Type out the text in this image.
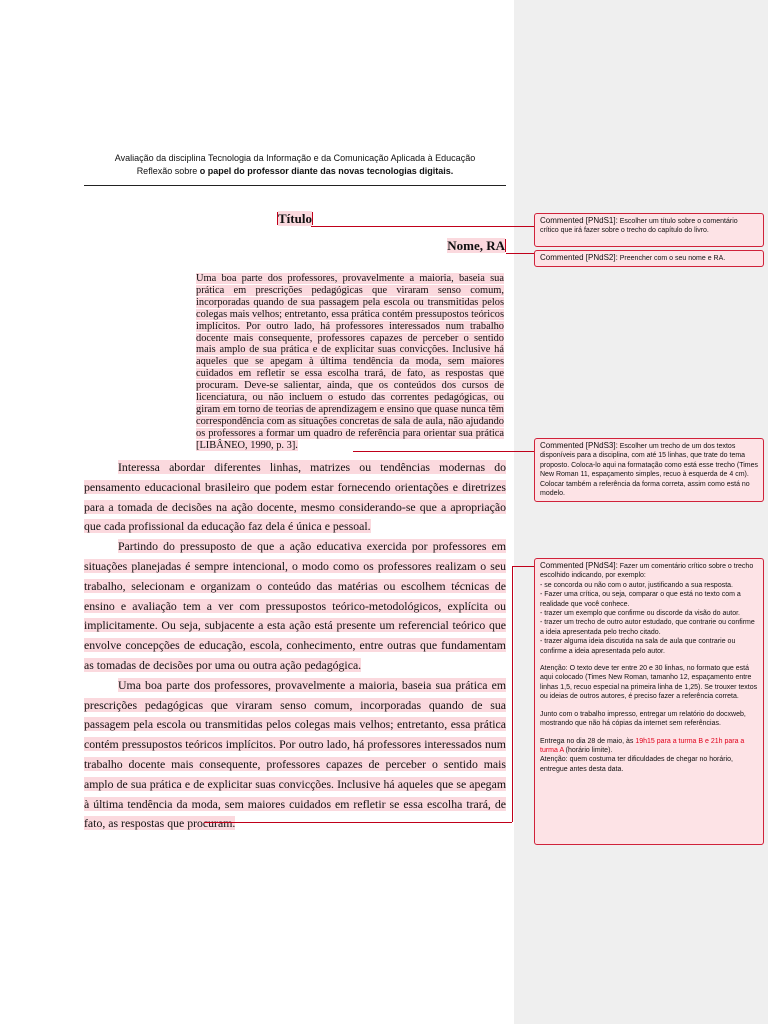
Avaliação da disciplina Tecnologia da Informação e da Comunicação Aplicada à Educação
Reflexão sobre o papel do professor diante das novas tecnologias digitais.
Título
Nome, RA
Uma boa parte dos professores, provavelmente a maioria, baseia sua prática em prescrições pedagógicas que viraram senso comum, incorporadas quando de sua passagem pela escola ou transmitidas pelos colegas mais velhos; entretanto, essa prática contém pressupostos teóricos implícitos. Por outro lado, há professores interessados num trabalho docente mais consequente, professores capazes de perceber o sentido mais amplo de sua prática e de explicitar suas convicções. Inclusive há aqueles que se apegam à última tendência da moda, sem maiores cuidados em refletir se essa escolha trará, de fato, as respostas que procuram. Deve-se salientar, ainda, que os conteúdos dos cursos de licenciatura, ou não incluem o estudo das correntes pedagógicas, ou giram em torno de teorias de aprendizagem e ensino que quase nunca têm correspondência com as situações concretas de sala de aula, não ajudando os professores a formar um quadro de referência para orientar sua prática [LIBÂNEO, 1990, p. 3].

Interessa abordar diferentes linhas, matrizes ou tendências modernas do pensamento educacional brasileiro que podem estar fornecendo orientações e diretrizes para a tomada de decisões na ação docente, mesmo considerando-se que a apropriação que cada profissional da educação faz dela é única e pessoal.

Partindo do pressuposto de que a ação educativa exercida por professores em situações planejadas é sempre intencional, o modo como os professores realizam o seu trabalho, selecionam e organizam o conteúdo das matérias ou escolhem técnicas de ensino e avaliação tem a ver com pressupostos teórico-metodológicos, explícita ou implicitamente. Ou seja, subjacente a esta ação está presente um referencial teórico que envolve concepções de educação, escola, conhecimento, entre outras que fundamentam as tomadas de decisões por uma ou outra ação pedagógica.

Uma boa parte dos professores, provavelmente a maioria, baseia sua prática em prescrições pedagógicas que viraram senso comum, incorporadas quando de sua passagem pela escola ou transmitidas pelos colegas mais velhos; entretanto, essa prática contém pressupostos teóricos implícitos. Por outro lado, há professores interessados num trabalho docente mais consequente, professores capazes de perceber o sentido mais amplo de sua prática e de explicitar suas convicções. Inclusive há aqueles que se apegam à última tendência da moda, sem maiores cuidados em refletir se essa escolha trará, de fato, as respostas que procuram.

Commented [PNdS1]: Escolher um título sobre o comentário crítico que irá fazer sobre o trecho do capítulo do livro.
Commented [PNdS2]: Preencher com o seu nome e RA.
Commented [PNdS3]: Escolher um trecho de um dos textos disponíveis para a disciplina, com até 15 linhas, que trate do tema proposto. Coloca-lo aqui na formatação como está esse trecho (Times New Roman 11, espaçamento simples, recuo à esquerda de 4 cm). Colocar também a referência da forma correta, assim como está no modelo.

Commented [PNdS4]: Fazer um comentário crítico sobre o trecho escolhido indicando, por exemplo:

- se concorda ou não com o autor, justificando a sua resposta.

- Fazer uma crítica, ou seja, comparar o que está no texto com a realidade que você conhece.

- trazer um exemplo que confirme ou discorde da visão do autor.

- trazer um trecho de outro autor estudado, que contrarie ou confirme a ideia apresentada pelo trecho citado.

- trazer alguma ideia discutida na sala de aula que contrarie ou confirme a ideia apresentada pelo autor.

Atenção: O texto deve ter entre 20 e 30 linhas, no formato que está aqui colocado (Times New Roman, tamanho 12, espaçamento entre linhas 1,5, recuo especial na primeira linha de 1,25). Se trouxer textos ou ideias de outros autores, é preciso fazer a referência correta.

Junto com o trabalho impresso, entregar um relatório do docxweb, mostrando que não há cópias da internet sem referências.

Entrega no dia 28 de maio, às 19h15 para a turma B e 21h para a turma A (horário limite).

Atenção: quem costuma ter dificuldades de chegar no horário, entregue antes desta data.
